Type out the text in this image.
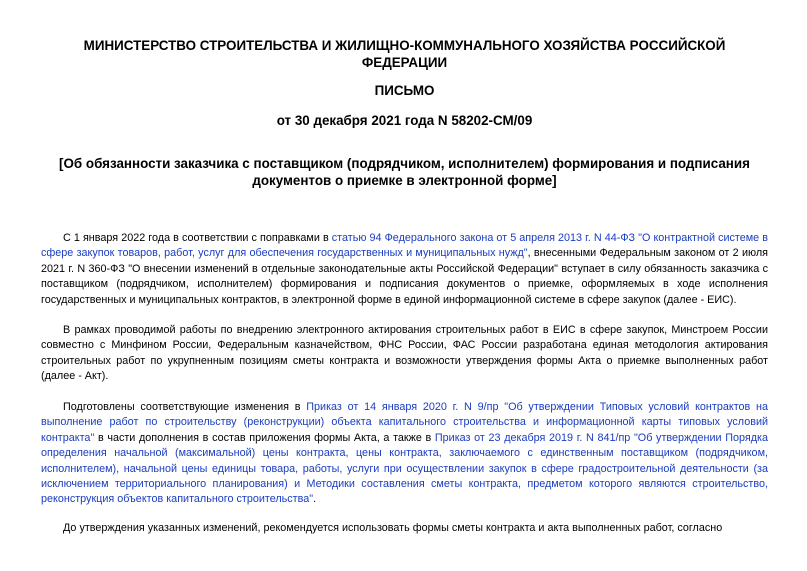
МИНИСТЕРСТВО СТРОИТЕЛЬСТВА И ЖИЛИЩНО-КОММУНАЛЬНОГО ХОЗЯЙСТВА РОССИЙСКОЙ ФЕДЕРАЦИИ
ПИСЬМО
от 30 декабря 2021 года N 58202-СМ/09
[Об обязанности заказчика с поставщиком (подрядчиком, исполнителем) формирования и подписания документов о приемке в электронной форме]

С 1 января 2022 года в соответствии с поправками в статью 94 Федерального закона от 5 апреля 2013 г. N 44-ФЗ "О контрактной системе в сфере закупок товаров, работ, услуг для обеспечения государственных и муниципальных нужд", внесенными Федеральным законом от 2 июля 2021 г. N 360-ФЗ "О внесении изменений в отдельные законодательные акты Российской Федерации" вступает в силу обязанность заказчика с поставщиком (подрядчиком, исполнителем) формирования и подписания документов о приемке, оформляемых в ходе исполнения государственных и муниципальных контрактов, в электронной форме в единой информационной системе в сфере закупок (далее - ЕИС).

В рамках проводимой работы по внедрению электронного актирования строительных работ в ЕИС в сфере закупок, Минстроем России совместно с Минфином России, Федеральным казначейством, ФНС России, ФАС России разработана единая методология актирования строительных работ по укрупненным позициям сметы контракта и возможности утверждения формы Акта о приемке выполненных работ (далее - Акт).

Подготовлены соответствующие изменения в Приказ от 14 января 2020 г. N 9/пр "Об утверждении Типовых условий контрактов на выполнение работ по строительству (реконструкции) объекта капитального строительства и информационной карты типовых условий контракта" в части дополнения в состав приложения формы Акта, а также в Приказ от 23 декабря 2019 г. N 841/пр "Об утверждении Порядка определения начальной (максимальной) цены контракта, цены контракта, заключаемого с единственным поставщиком (подрядчиком, исполнителем), начальной цены единицы товара, работы, услуги при осуществлении закупок в сфере градостроительной деятельности (за исключением территориального планирования) и Методики составления сметы контракта, предметом которого являются строительство, реконструкция объектов капитального строительства".

До утверждения указанных изменений, рекомендуется использовать формы сметы контракта и акта выполненных работ, согласно
